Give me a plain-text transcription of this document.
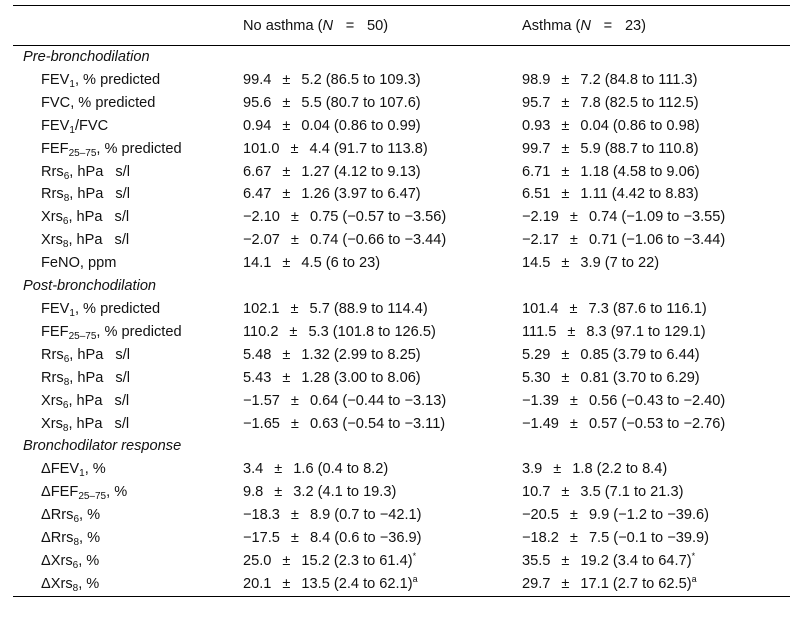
	No asthma (N = 50)	Asthma (N = 23)
Pre-bronchodilation		
$FEV_1$, % predicted	99.4 ± 5.2 (86.5 to 109.3)	98.9 ± 7.2 (84.8 to 111.3)
FVC, % predicted	95.6 ± 5.5 (80.7 to 107.6)	95.7 ± 7.8 (82.5 to 112.5)
$FEV_1$/FVC	0.94 ± 0.04 (0.86 to 0.99)	0.93 ± 0.04 (0.86 to 0.98)
$FEF_{25-75}$, % predicted	101.0 ± 4.4 (91.7 to 113.8)	99.7 ± 5.9 (88.7 to 110.8)
Rrs$_6$, hPa s/l	6.67 ± 1.27 (4.12 to 9.13)	6.71 ± 1.18 (4.58 to 9.06)
Rrs$_8$, hPa s/l	6.47 ± 1.26 (3.97 to 6.47)	6.51 ± 1.11 (4.42 to 8.83)
Xrs$_6$, hPa s/l	−2.10 ± 0.75 (−0.57 to −3.56)	−2.19 ± 0.74 (−1.09 to −3.55)
Xrs$_8$, hPa s/l	−2.07 ± 0.74 (−0.66 to −3.44)	−2.17 ± 0.71 (−1.06 to −3.44)
FeNO, ppm	14.1 ± 4.5 (6 to 23)	14.5 ± 3.9 (7 to 22)
Post-bronchodilation		
$FEV_1$, % predicted	102.1 ± 5.7 (88.9 to 114.4)	101.4 ± 7.3 (87.6 to 116.1)
$FEF_{25-75}$, % predicted	110.2 ± 5.3 (101.8 to 126.5)	111.5 ± 8.3 (97.1 to 129.1)
Rrs$_6$, hPa s/l	5.48 ± 1.32 (2.99 to 8.25)	5.29 ± 0.85 (3.79 to 6.44)
Rrs$_8$, hPa s/l	5.43 ± 1.28 (3.00 to 8.06)	5.30 ± 0.81 (3.70 to 6.29)
Xrs$_6$, hPa s/l	−1.57 ± 0.64 (−0.44 to −3.13)	−1.39 ± 0.56 (−0.43 to −2.40)
Xrs$_8$, hPa s/l	−1.65 ± 0.63 (−0.54 to −3.11)	−1.49 ± 0.57 (−0.53 to −2.76)
Bronchodilator response		
$\Delta FEV_1$, %	3.4 ± 1.6 (0.4 to 8.2)	3.9 ± 1.8 (2.2 to 8.4)
$\Delta FEF_{25-75}$, %	9.8 ± 3.2 (4.1 to 19.3)	10.7 ± 3.5 (7.1 to 21.3)
ΔRrs$_6$, %	−18.3 ± 8.9 (0.7 to −42.1)	−20.5 ± 9.9 (−1.2 to −39.6)
ΔRrs$_8$, %	−17.5 ± 8.4 (0.6 to −36.9)	−18.2 ± 7.5 (−0.1 to −39.9)
ΔXrs$_6$, %	25.0 ± 15.2 (2.3 to 61.4)*	35.5 ± 19.2 (3.4 to 64.7)*
ΔXrs$_8$, %	20.1 ± 13.5 (2.4 to 62.1)$^a$	29.7 ± 17.1 (2.7 to 62.5)$^a$
